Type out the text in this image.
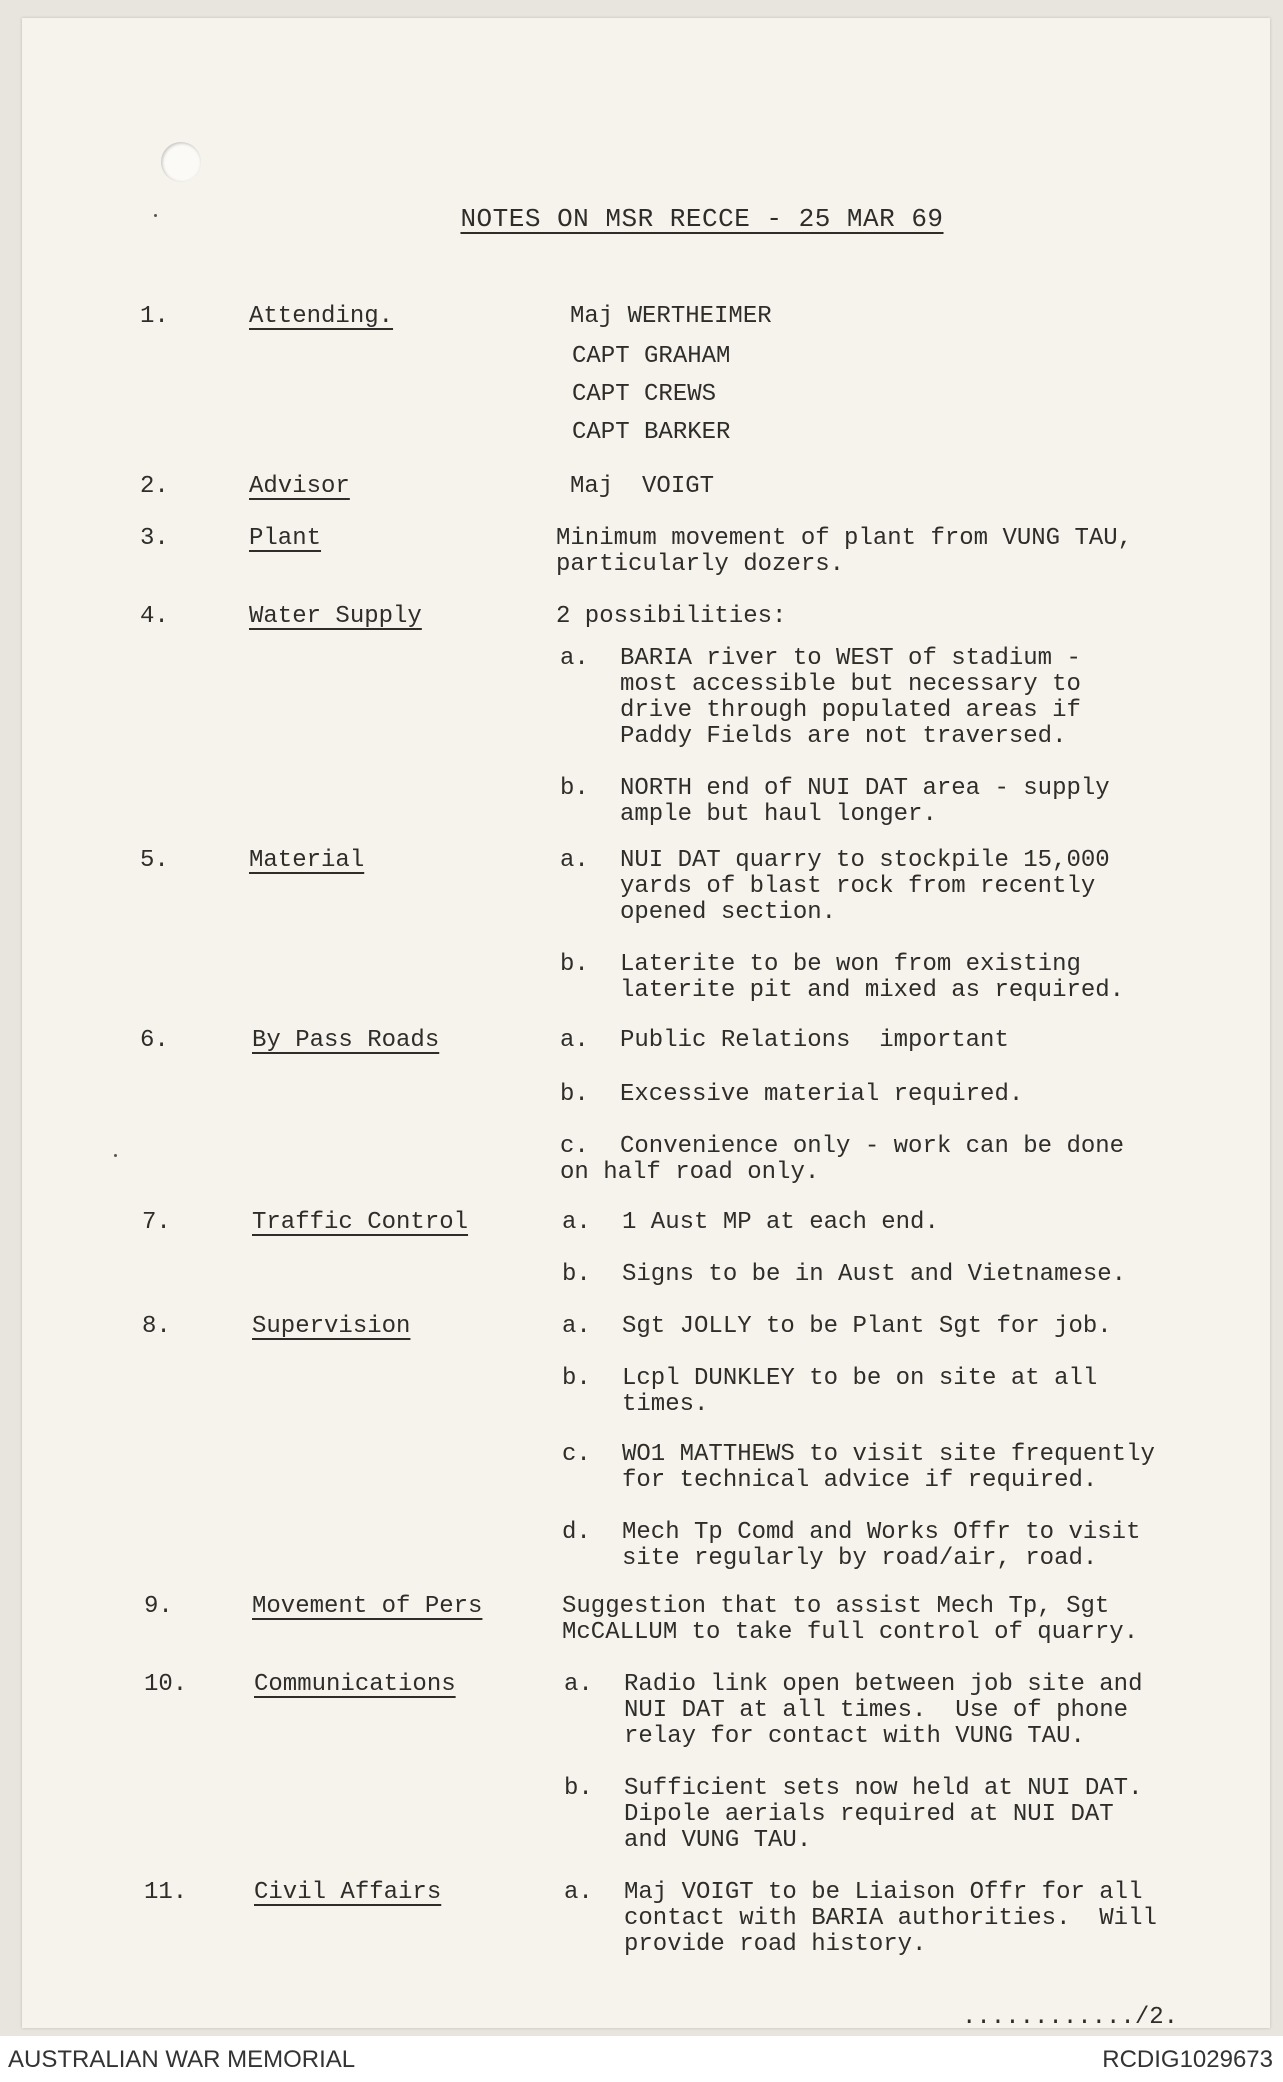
NOTES ON MSR RECCE - 25 MAR 69
1.	Attending.	Maj WERTHEIMER
CAPT GRAHAM
CAPT CREWS
CAPT BARKER
2.	Advisor	Maj  VOIGT
3.	Plant	Minimum movement of plant from VUNG TAU,
particularly dozers.
4.	Water Supply	2 possibilities:
a. BARIA river to WEST of stadium -
most accessible but necessary to
drive through populated areas if
Paddy Fields are not traversed.
b. NORTH end of NUI DAT area - supply
ample but haul longer.
5.	Material	a. NUI DAT quarry to stockpile 15,000
yards of blast rock from recently
opened section.
b. Laterite to be won from existing
laterite pit and mixed as required.
6.	By Pass Roads	a. Public Relations  important
b. Excessive material required.
c. Convenience only - work can be done
on half road only.
7.	Traffic Control	a. 1 Aust MP at each end.
b. Signs to be in Aust and Vietnamese.
8.	Supervision	a. Sgt JOLLY to be Plant Sgt for job.
b. Lcpl DUNKLEY to be on site at all
times.
c. WO1 MATTHEWS to visit site frequently
for technical advice if required.
d. Mech Tp Comd and Works Offr to visit
site regularly by road/air, road.
9.	Movement of Pers	Suggestion that to assist Mech Tp, Sgt
McCALLUM to take full control of quarry.
10.	Communications	a. Radio link open between job site and
NUI DAT at all times.  Use of phone
relay for contact with VUNG TAU.
b. Sufficient sets now held at NUI DAT.
Dipole aerials required at NUI DAT
and VUNG TAU.
11.	Civil Affairs	a. Maj VOIGT to be Liaison Offr for all
contact with BARIA authorities.  Will
provide road history.
............/2.
AUSTRALIAN WAR MEMORIAL	RCDIG1029673
